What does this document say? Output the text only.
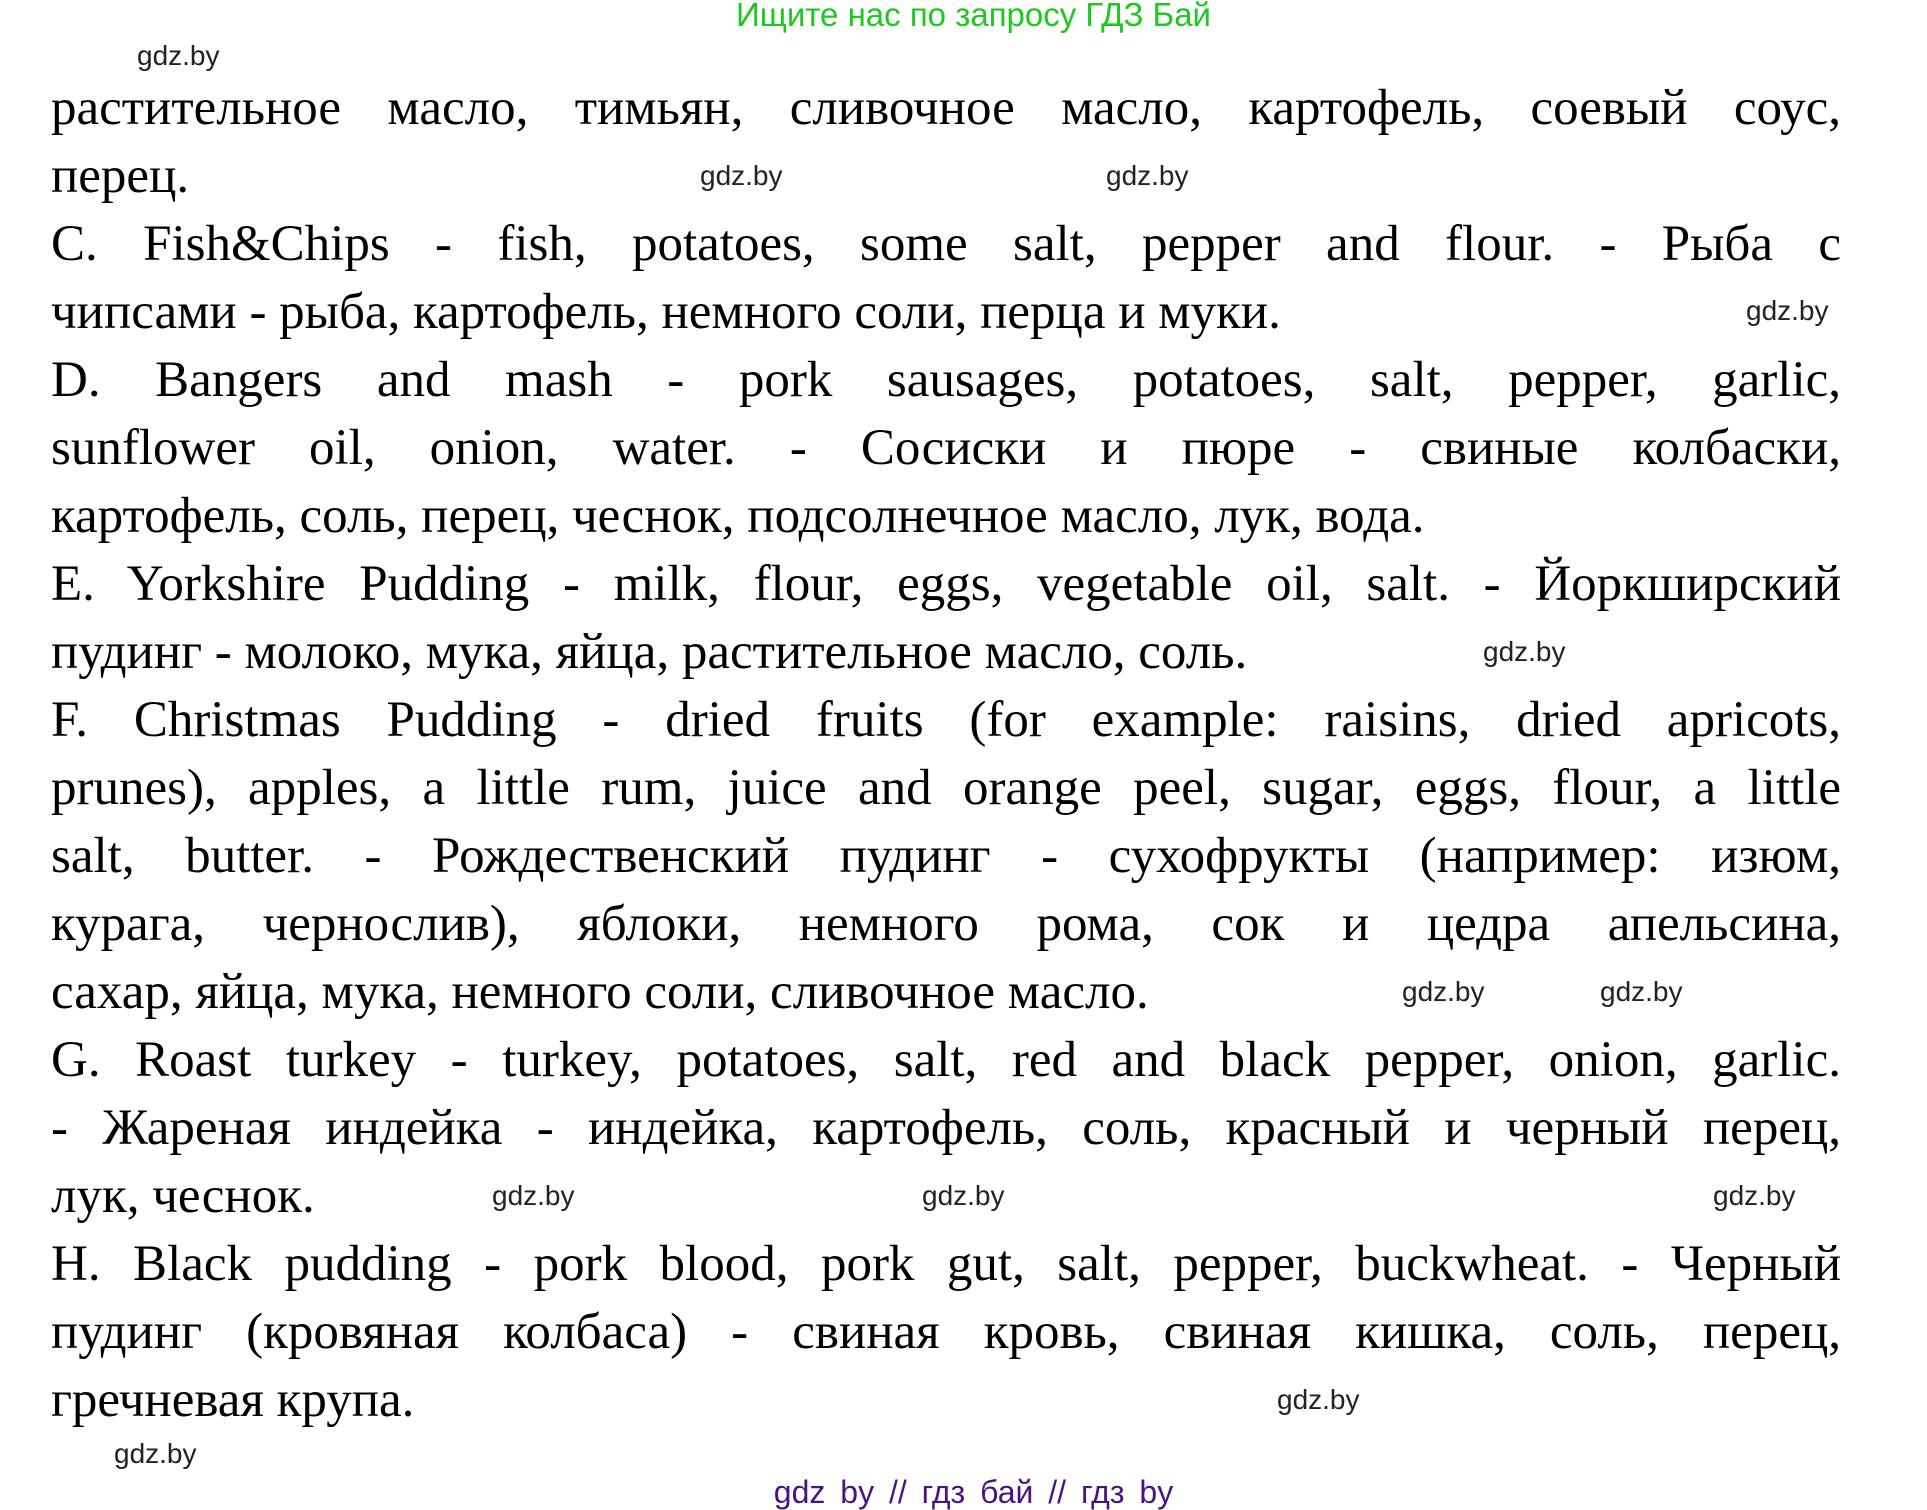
Ищите нас по запросу ГДЗ Бай
растительное масло, тимьян, сливочное масло, картофель, соевый соус,
перец.
C. Fish&Chips - fish, potatoes, some salt, pepper and flour. - Рыба с
чипсами - рыба, картофель, немного соли, перца и муки.
D. Bangers and mash - pork sausages, potatoes, salt, pepper, garlic,
sunflower oil, onion, water. - Сосиски и пюре - свиные колбаски,
картофель, соль, перец, чеснок, подсолнечное масло, лук, вода.
E. Yorkshire Pudding - milk, flour, eggs, vegetable oil, salt. - Йоркширский
пудинг - молоко, мука, яйца, растительное масло, соль.
F. Christmas Pudding - dried fruits (for example: raisins, dried apricots,
prunes), apples, a little rum, juice and orange peel, sugar, eggs, flour, a little
salt, butter. - Рождественский пудинг - сухофрукты (например: изюм,
курага, чернослив), яблоки, немного рома, сок и цедра апельсина,
сахар, яйца, мука, немного соли, сливочное масло.
G. Roast turkey - turkey, potatoes, salt, red and black pepper, onion, garlic.
- Жареная индейка - индейка, картофель, соль, красный и черный перец,
лук, чеснок.
H. Black pudding - pork blood, pork gut, salt, pepper, buckwheat. - Черный
пудинг (кровяная колбаса) - свиная кровь, свиная кишка, соль, перец,
гречневая крупа.
gdz.by
gdz.by
gdz.by
gdz.by
gdz.by
gdz.by
gdz.by
gdz.by
gdz.by	gdz.by
gdz.by
gdz.by
gdz by // гдз бай // гдз by
